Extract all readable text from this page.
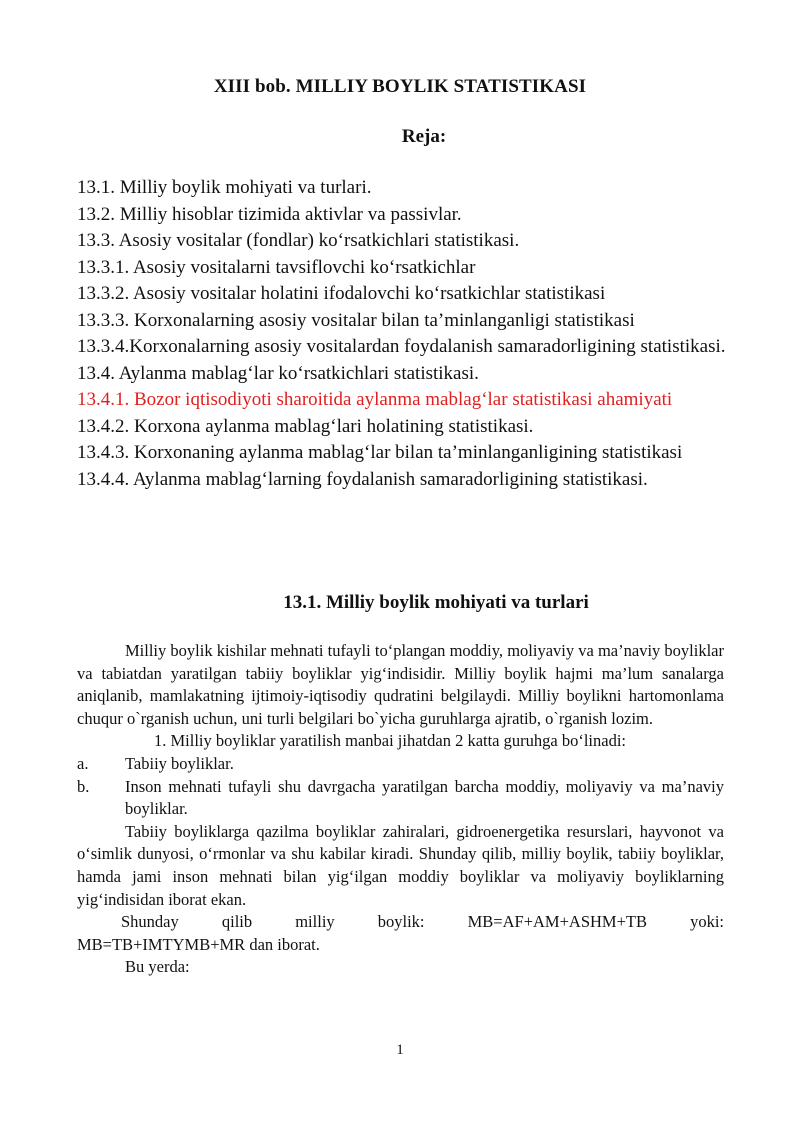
XIII bob. MILLIY BOYLIK STATISTIKASI
Reja:
13.1. Milliy boylik mohiyati va turlari.
13.2. Milliy hisoblar tizimida aktivlar va passivlar.
13.3. Asosiy vositalar (fondlar) ko‘rsatkichlari statistikasi.
13.3.1. Asosiy vositalarni tavsiflovchi ko‘rsatkichlar
13.3.2. Asosiy vositalar holatini ifodalovchi ko‘rsatkichlar statistikasi
13.3.3. Korxonalarning asosiy vositalar bilan ta’minlanganligi statistikasi
13.3.4.Korxonalarning asosiy vositalardan foydalanish samaradorligining statistikasi.
13.4. Aylanma mablag‘lar ko‘rsatkichlari statistikasi.
13.4.1. Bozor iqtisodiyoti sharoitida aylanma mablag‘lar statistikasi ahamiyati
13.4.2. Korxona aylanma mablag‘lari holatining statistikasi.
13.4.3. Korxonaning aylanma mablag‘lar bilan ta’minlanganligining statistikasi
13.4.4. Aylanma mablag‘larning foydalanish samaradorligining statistikasi.
13.1. Milliy boylik mohiyati va turlari

Milliy boylik kishilar mehnati tufayli to‘plangan moddiy, moliyaviy va ma’naviy boyliklar va tabiatdan yaratilgan tabiiy boyliklar yig‘indisidir. Milliy boylik hajmi ma’lum sanalarga aniqlanib, mamlakatning ijtimoiy-iqtisodiy qudratini belgilaydi. Milliy boylikni hartomonlama chuqur o`rganish uchun, uni turli belgilari bo`yicha guruhlarga ajratib, o`rganish lozim.

1. Milliy boyliklar yaratilish manbai jihatdan 2 katta guruhga bo‘linadi:

a.	Tabiiy boyliklar.
b.	Inson mehnati tufayli shu davrgacha yaratilgan barcha moddiy, moliyaviy va ma’naviy boyliklar.

Tabiiy boyliklarga qazilma boyliklar zahiralari, gidroenergetika resurslari, hayvonot va o‘simlik dunyosi, o‘rmonlar va shu kabilar kiradi. Shunday qilib, milliy boylik, tabiiy boyliklar, hamda jami inson mehnati bilan yig‘ilgan moddiy boyliklar va moliyaviy boyliklarning yig‘indisidan iborat ekan.

Shunday qilib milliy boylik: MB=AF+AM+ASHM+TB yoki:

MB=TB+IMTYMB+MR dan iborat.

Bu yerda:

1
